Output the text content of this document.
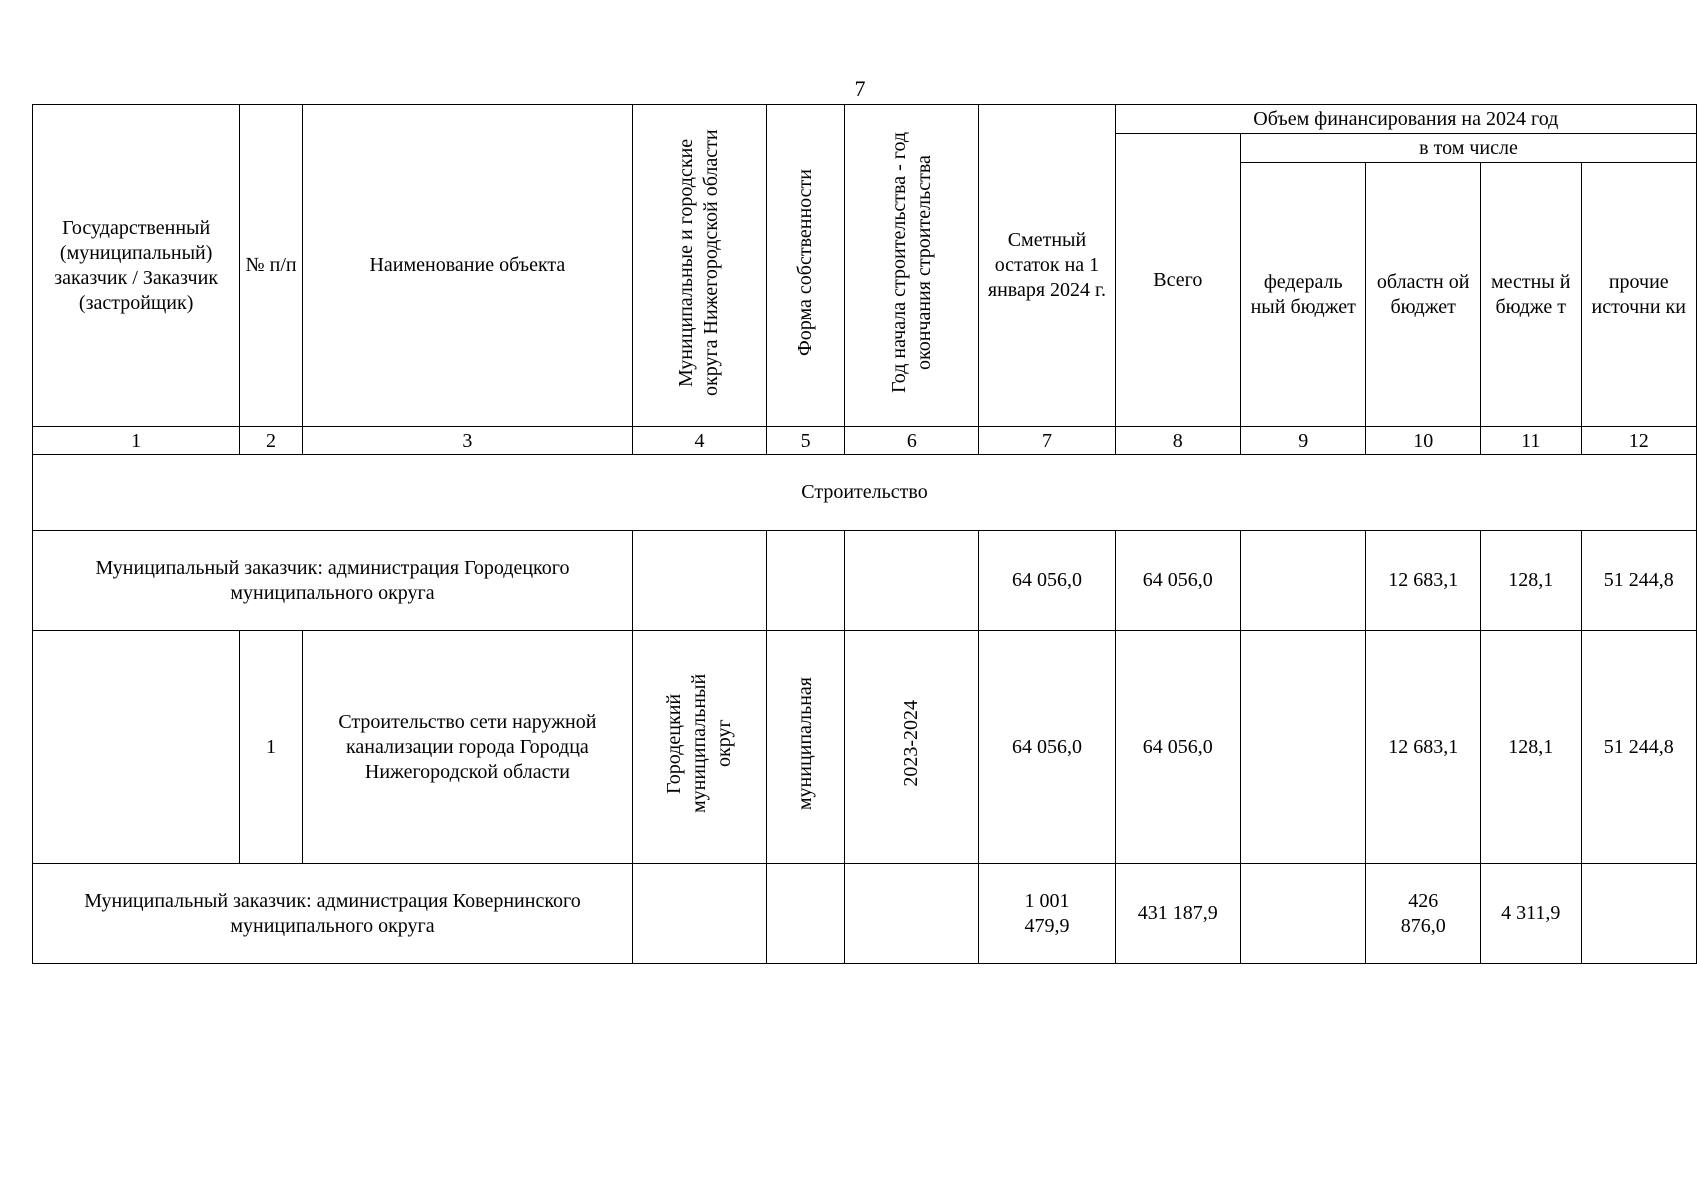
7
Государственный (муниципальный) заказчик / Заказчик (застройщик)	№ п/п	Наименование объекта	Муниципальные и городские округа Нижегородской области	Форма собственности	Год начала строительства - год окончания строительства	Сметный остаток на 1 января 2024 г.	Объем финансирования на 2024 год				
							Всего	в том числе			
								федераль ный бюджет	областн ой бюджет	местны й бюдже т	прочие источни ки
1	2	3	4	5	6	7	8	9	10	11	12
Строительство											
Муниципальный заказчик: администрация Городецкого муниципального округа						64 056,0	64 056,0		12 683,1	128,1	51 244,8
	1	Строительство сети наружной канализации города Городца Нижегородской области	Городецкий муниципальный округ	муниципальная	2023-2024	64 056,0	64 056,0		12 683,1	128,1	51 244,8
Муниципальный заказчик: администрация Ковернинского муниципального округа						1 001 479,9	431 187,9		426 876,0	4 311,9	
